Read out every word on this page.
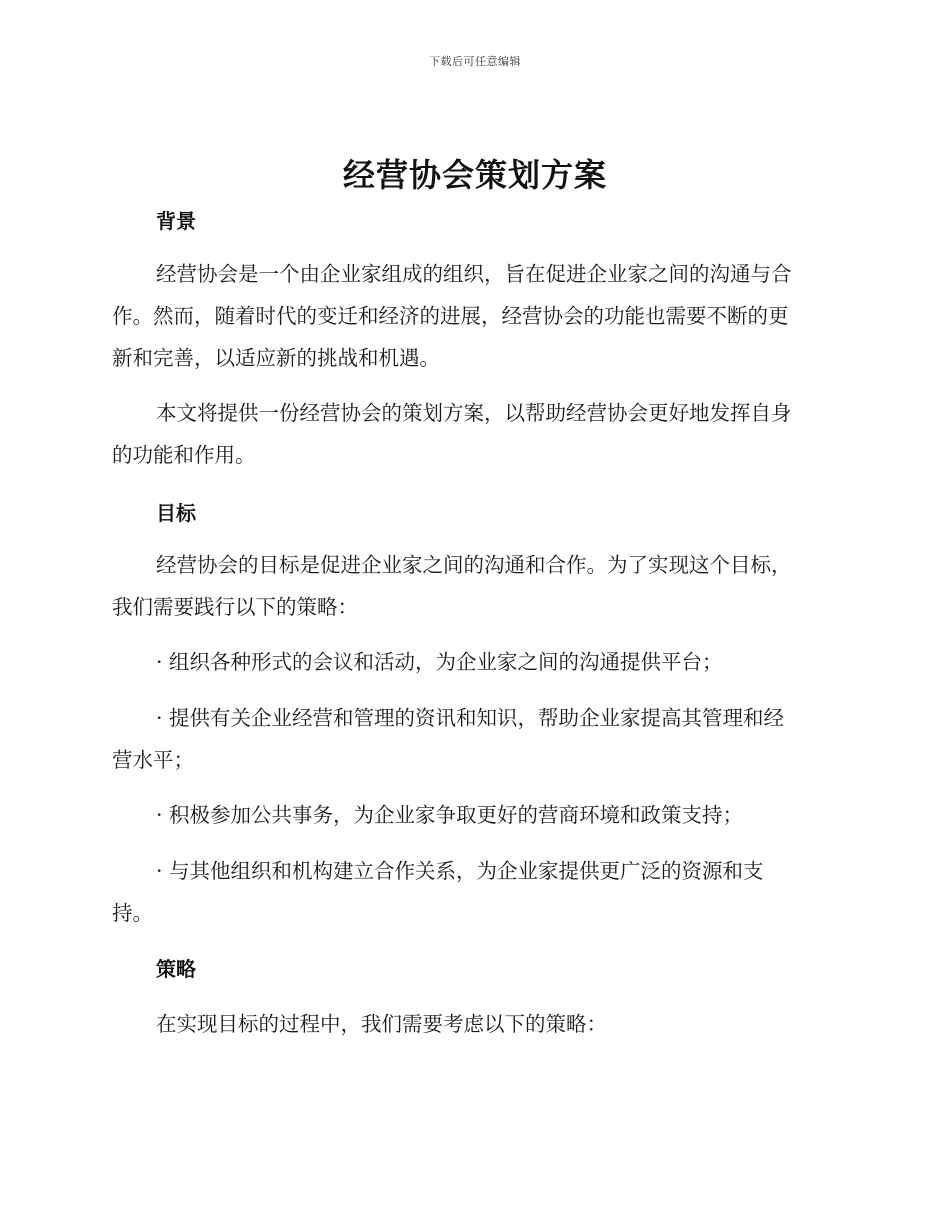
下载后可任意编辑
经营协会策划方案
背景
经营协会是一个由企业家组成的组织，旨在促进企业家之间的沟通与合
作。然而，随着时代的变迁和经济的进展，经营协会的功能也需要不断的更
新和完善，以适应新的挑战和机遇。
本文将提供一份经营协会的策划方案，以帮助经营协会更好地发挥自身
的功能和作用。
目标
经营协会的目标是促进企业家之间的沟通和合作。为了实现这个目标，
我们需要践行以下的策略：
· 组织各种形式的会议和活动，为企业家之间的沟通提供平台；
· 提供有关企业经营和管理的资讯和知识，帮助企业家提高其管理和经
营水平；
· 积极参加公共事务，为企业家争取更好的营商环境和政策支持；
· 与其他组织和机构建立合作关系，为企业家提供更广泛的资源和支
持。
策略
在实现目标的过程中，我们需要考虑以下的策略：
